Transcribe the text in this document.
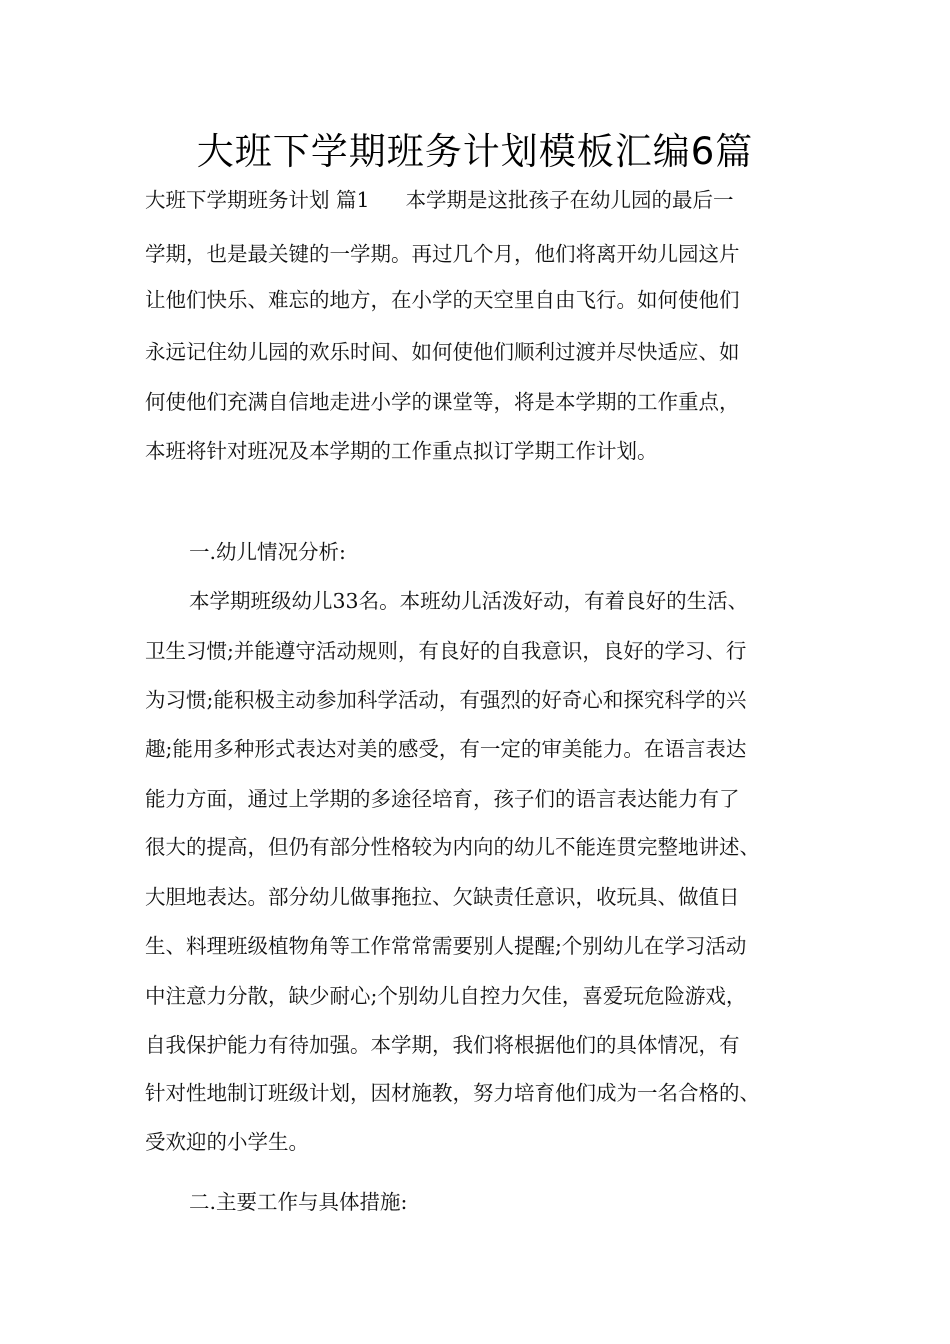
大班下学期班务计划模板汇编6篇
大班下学期班务计划 篇1 本学期是这批孩子在幼儿园的最后一
学期，也是最关键的一学期。再过几个月，他们将离开幼儿园这片
让他们快乐、难忘的地方，在小学的天空里自由飞行。如何使他们
永远记住幼儿园的欢乐时间、如何使他们顺利过渡并尽快适应、如
何使他们充满自信地走进小学的课堂等，将是本学期的工作重点，
本班将针对班况及本学期的工作重点拟订学期工作计划。
一.幼儿情况分析:
本学期班级幼儿33名。本班幼儿活泼好动，有着良好的生活、
卫生习惯;并能遵守活动规则，有良好的自我意识，良好的学习、行
为习惯;能积极主动参加科学活动，有强烈的好奇心和探究科学的兴
趣;能用多种形式表达对美的感受，有一定的审美能力。在语言表达
能力方面，通过上学期的多途径培育，孩子们的语言表达能力有了
很大的提高，但仍有部分性格较为内向的幼儿不能连贯完整地讲述、
大胆地表达。部分幼儿做事拖拉、欠缺责任意识，收玩具、做值日
生、料理班级植物角等工作常常需要别人提醒;个别幼儿在学习活动
中注意力分散，缺少耐心;个别幼儿自控力欠佳，喜爱玩危险游戏，
自我保护能力有待加强。本学期，我们将根据他们的具体情况，有
针对性地制订班级计划，因材施教，努力培育他们成为一名合格的、
受欢迎的小学生。
二.主要工作与具体措施:
